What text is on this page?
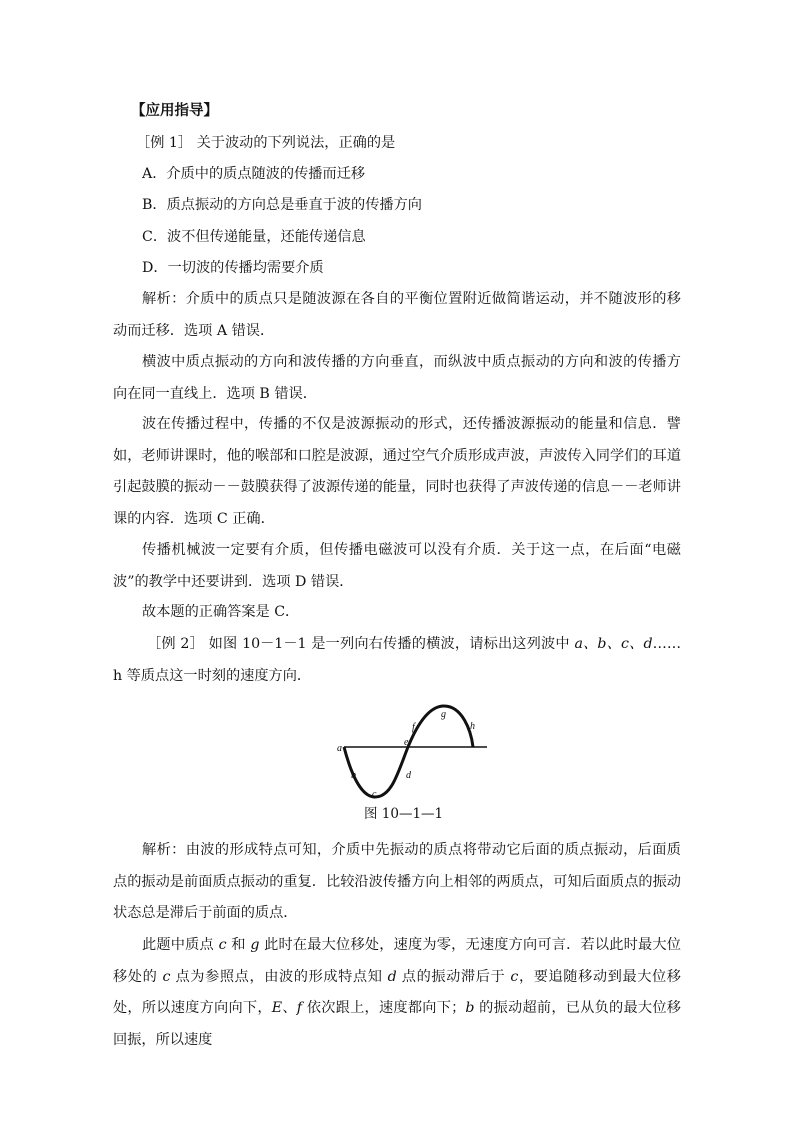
【应用指导】
［例 1］ 关于波动的下列说法，正确的是
A．介质中的质点随波的传播而迁移
B．质点振动的方向总是垂直于波的传播方向
C．波不但传递能量，还能传递信息
D．一切波的传播均需要介质
解析：介质中的质点只是随波源在各自的平衡位置附近做简谐运动，并不随波形的移动而迁移．选项 A 错误．
横波中质点振动的方向和波传播的方向垂直，而纵波中质点振动的方向和波的传播方向在同一直线上．选项 B 错误．
波在传播过程中，传播的不仅是波源振动的形式，还传播波源振动的能量和信息．譬如，老师讲课时，他的喉部和口腔是波源，通过空气介质形成声波，声波传入同学们的耳道引起鼓膜的振动－－鼓膜获得了波源传递的能量，同时也获得了声波传递的信息－－老师讲课的内容．选项 C 正确．
传播机械波一定要有介质，但传播电磁波可以没有介质．关于这一点，在后面“电磁波”的教学中还要讲到．选项 D 错误．
故本题的正确答案是 C．
［例 2］ 如图 10－1－1 是一列向右传播的横波，请标出这列波中 a、b、c、d……h 等质点这一时刻的速度方向．
a
b
c
d
e
f
g
h
图 10—1—1
解析：由波的形成特点可知，介质中先振动的质点将带动它后面的质点振动，后面质点的振动是前面质点振动的重复．比较沿波传播方向上相邻的两质点，可知后面质点的振动状态总是滞后于前面的质点．
此题中质点 c 和 g 此时在最大位移处，速度为零，无速度方向可言．若以此时最大位移处的 c 点为参照点，由波的形成特点知 d 点的振动滞后于 c，要追随移动到最大位移处，所以速度方向向下，E、f 依次跟上，速度都向下；b 的振动超前，已从负的最大位移回振，所以速度
